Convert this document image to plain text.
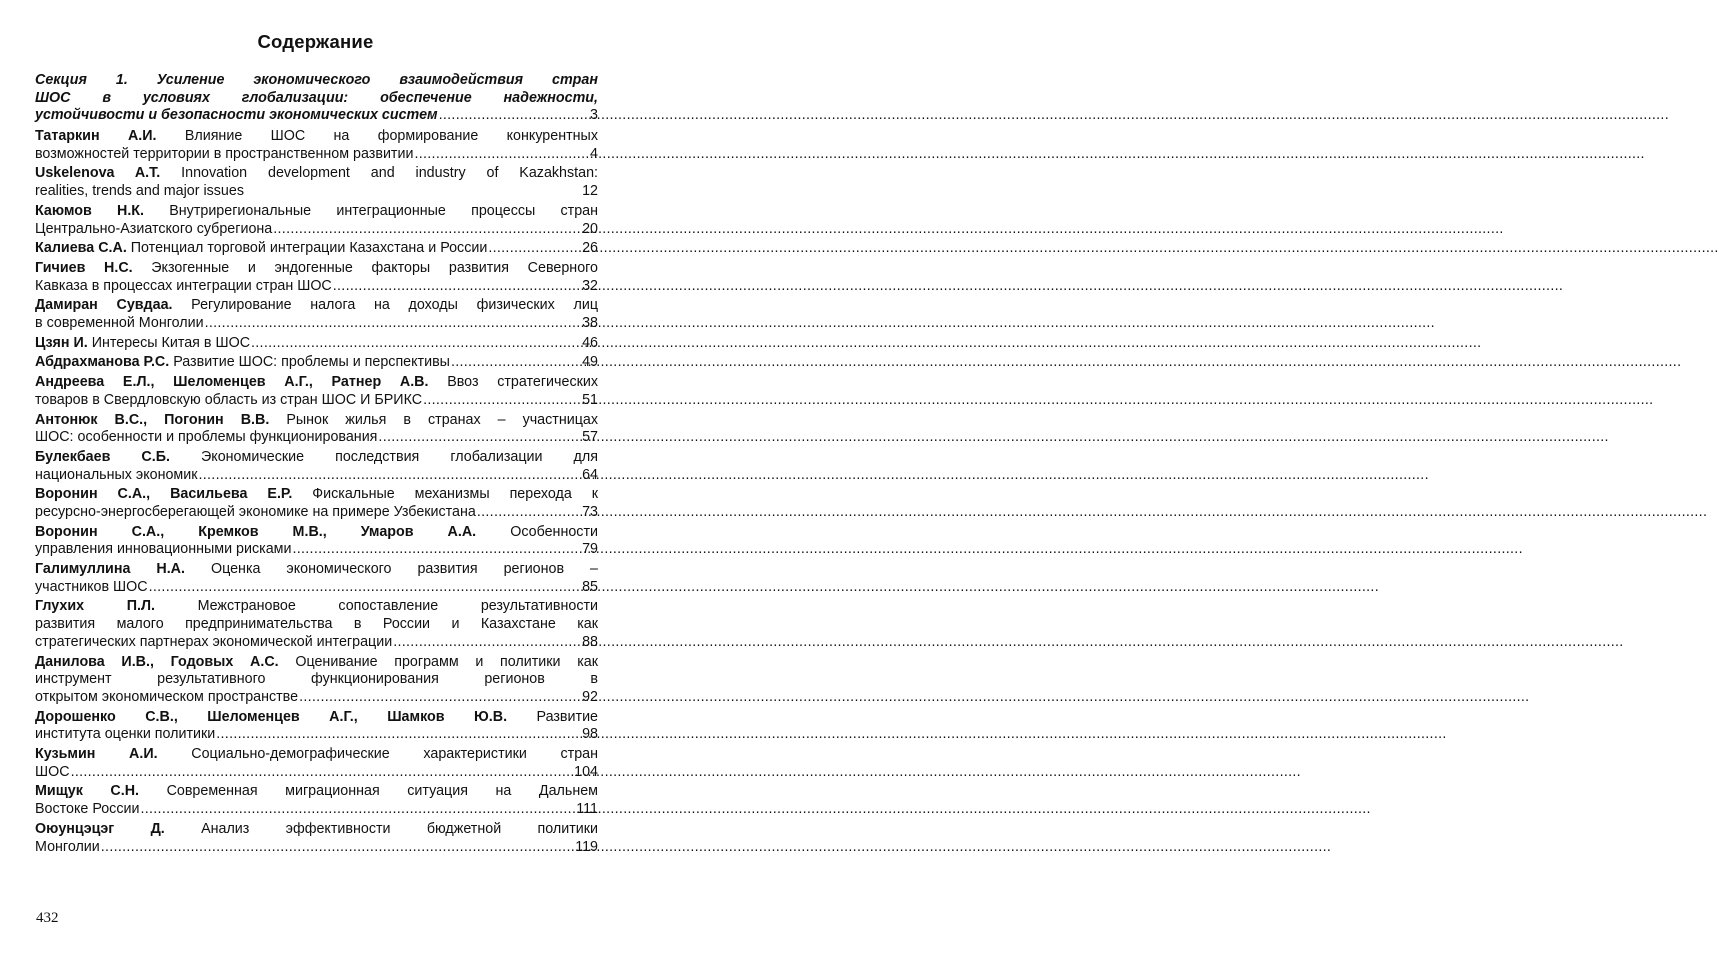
Содержание
Секция 1. Усиление экономического взаимодействия стран
ШОС в условиях глобализации: обеспечение надежности,
устойчивости и безопасности экономических систем .....	3
Татаркин А.И. Влияние ШОС на формирование конкурентных
возможностей территории в пространственном развитии .....	4
Uskelenova A.T. Innovation development and industry of Kazakhstan:
realities, trends and major issues	12
Каюмов Н.К. Внутрирегиональные интеграционные процессы стран
Центрально-Азиатского субрегиона .....	20
Калиева С.А. Потенциал торговой интеграции Казахстана и России .....	26
Гичиев Н.С. Экзогенные и эндогенные факторы развития Северного
Кавказа в процессах интеграции стран ШОС .....	32
Дамиран Сувдаа. Регулирование налога на доходы физических лиц
в современной Монголии .....	38
Цзян И. Интересы Китая в ШОС .....	46
Абдрахманова Р.С. Развитие ШОС: проблемы и перспективы .....	49
Андреева Е.Л., Шеломенцев А.Г., Ратнер А.В. Ввоз стратегических
товаров в Свердловскую область из стран ШОС И БРИКС .....	51
Антонюк В.С., Погонин В.В. Рынок жилья в странах – участницах
ШОС: особенности и проблемы функционирования .....	57
Булекбаев С.Б. Экономические последствия глобализации для
национальных экономик .....	64
Воронин С.А., Васильева Е.Р. Фискальные механизмы перехода к
ресурсно-энергосберегающей экономике на примере Узбекистана .....	73
Воронин С.А., Кремков М.В., Умаров А.А. Особенности
управления инновационными рисками .....	79
Галимуллина Н.А. Оценка экономического развития регионов –
участников ШОС .....	85
Глухих П.Л. Межстрановое сопоставление результативности
развития малого предпринимательства в России и Казахстане как
стратегических партнерах экономической интеграции .....	88
Данилова И.В., Годовых А.С. Оценивание программ и политики как
инструмент результативного функционирования регионов в
открытом экономическом пространстве .....	92
Дорошенко С.В., Шеломенцев А.Г., Шамков Ю.В. Развитие
института оценки политики .....	98
Кузьмин А.И. Социально-демографические характеристики стран
ШОС .....	104
Мищук С.Н. Современная миграционная ситуация на Дальнем
Востоке России .....	111
Оюунцэцэг Д. Анализ эффективности бюджетной политики
Монголии .....	119
432
